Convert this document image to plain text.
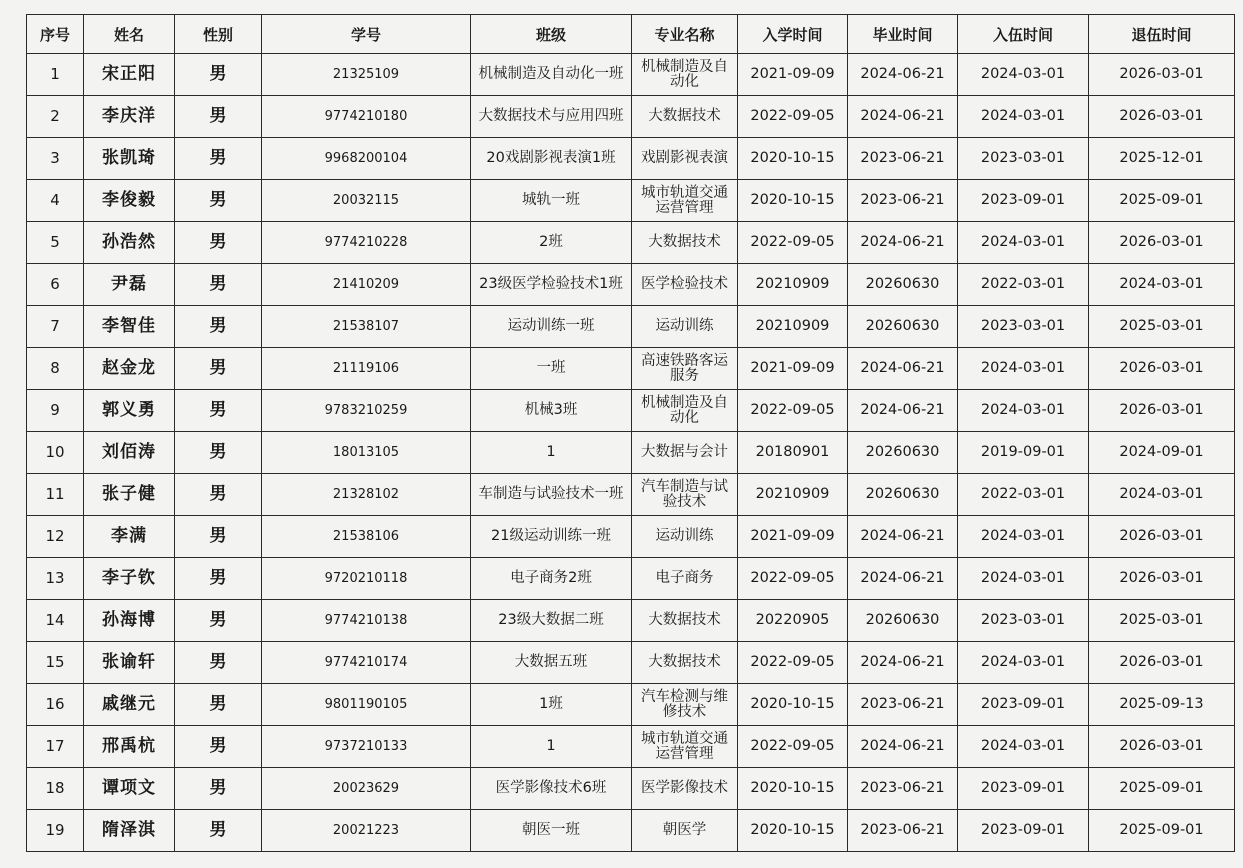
序号	姓名	性别	学号	班级	专业名称	入学时间	毕业时间	入伍时间	退伍时间
1	宋正阳	男	21325109	机械制造及自动化一班	机械制造及自动化	2021-09-09	2024-06-21	2024-03-01	2026-03-01
2	李庆洋	男	9774210180	大数据技术与应用四班	大数据技术	2022-09-05	2024-06-21	2024-03-01	2026-03-01
3	张凯琦	男	9968200104	20戏剧影视表演1班	戏剧影视表演	2020-10-15	2023-06-21	2023-03-01	2025-12-01
4	李俊毅	男	20032115	城轨一班	城市轨道交通运营管理	2020-10-15	2023-06-21	2023-09-01	2025-09-01
5	孙浩然	男	9774210228	2班	大数据技术	2022-09-05	2024-06-21	2024-03-01	2026-03-01
6	尹磊	男	21410209	23级医学检验技术1班	医学检验技术	20210909	20260630	2022-03-01	2024-03-01
7	李智佳	男	21538107	运动训练一班	运动训练	20210909	20260630	2023-03-01	2025-03-01
8	赵金龙	男	21119106	一班	高速铁路客运服务	2021-09-09	2024-06-21	2024-03-01	2026-03-01
9	郭义勇	男	9783210259	机械3班	机械制造及自动化	2022-09-05	2024-06-21	2024-03-01	2026-03-01
10	刘佰涛	男	18013105	1	大数据与会计	20180901	20260630	2019-09-01	2024-09-01
11	张子健	男	21328102	车制造与试验技术一班	汽车制造与试验技术	20210909	20260630	2022-03-01	2024-03-01
12	李满	男	21538106	21级运动训练一班	运动训练	2021-09-09	2024-06-21	2024-03-01	2026-03-01
13	李子钦	男	9720210118	电子商务2班	电子商务	2022-09-05	2024-06-21	2024-03-01	2026-03-01
14	孙海博	男	9774210138	23级大数据二班	大数据技术	20220905	20260630	2023-03-01	2025-03-01
15	张谕轩	男	9774210174	大数据五班	大数据技术	2022-09-05	2024-06-21	2024-03-01	2026-03-01
16	戚继元	男	9801190105	1班	汽车检测与维修技术	2020-10-15	2023-06-21	2023-09-01	2025-09-13
17	邢禹杭	男	9737210133	1	城市轨道交通运营管理	2022-09-05	2024-06-21	2024-03-01	2026-03-01
18	谭项文	男	20023629	医学影像技术6班	医学影像技术	2020-10-15	2023-06-21	2023-09-01	2025-09-01
19	隋泽淇	男	20021223	朝医一班	朝医学	2020-10-15	2023-06-21	2023-09-01	2025-09-01
